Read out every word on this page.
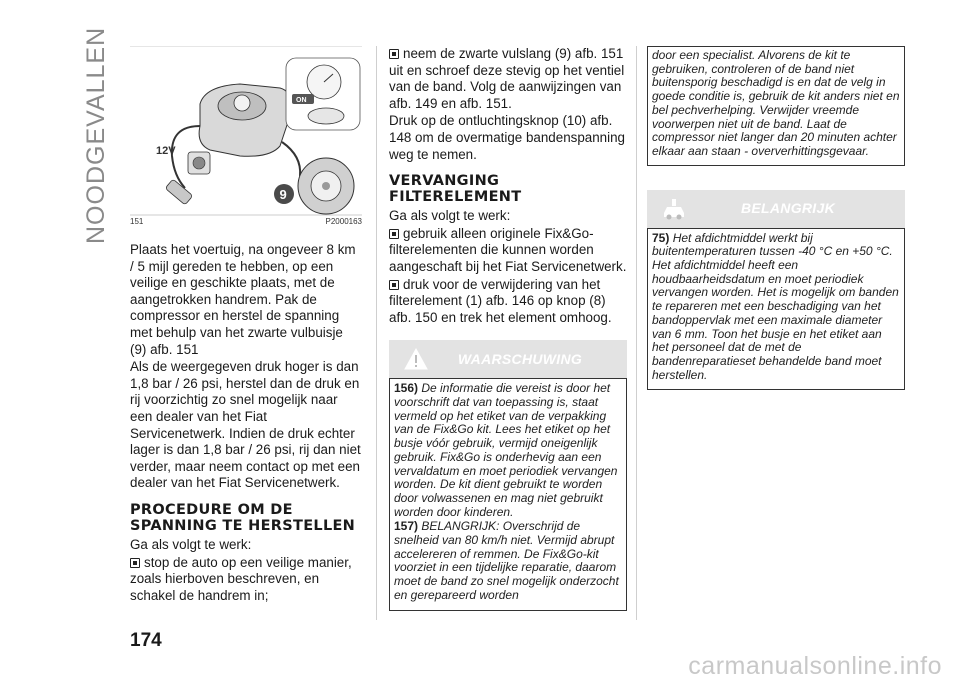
NOODGEVALLEN	ON
12V
9
151	P2000163

Plaats het voertuig, na ongeveer 8 km / 5 mijl gereden te hebben, op een veilige en geschikte plaats, met de aangetrokken handrem. Pak de compressor en herstel de spanning met behulp van het zwarte vulbuisje (9) afb. 151

Als de weergegeven druk hoger is dan 1,8 bar / 26 psi, herstel dan de druk en rij voorzichtig zo snel mogelijk naar een dealer van het Fiat Servicenetwerk. Indien de druk echter lager is dan 1,8 bar / 26 psi, rij dan niet verder, maar neem contact op met een dealer van het Fiat Servicenetwerk.

PROCEDURE OM DE SPANNING TE HERSTELLEN

Ga als volgt te werk:

stop de auto op een veilige manier, zoals hierboven beschreven, en schakel de handrem in;

neem de zwarte vulslang (9) afb. 151 uit en schroef deze stevig op het ventiel van de band. Volg de aanwijzingen van afb. 149 en afb. 151.

Druk op de ontluchtingsknop (10) afb. 148 om de overmatige bandenspanning weg te nemen.

VERVANGING FILTERELEMENT

Ga als volgt te werk:

gebruik alleen originele Fix&Go-filterelementen die kunnen worden aangeschaft bij het Fiat Servicenetwerk.

druk voor de verwijdering van het filterelement (1) afb. 146 op knop (8) afb. 150 en trek het element omhoog.

WAARSCHUWING

156) De informatie die vereist is door het voorschrift dat van toepassing is, staat vermeld op het etiket van de verpakking van de Fix&Go kit. Lees het etiket op het busje vóór gebruik, vermijd oneigenlijk gebruik. Fix&Go is onderhevig aan een vervaldatum en moet periodiek vervangen worden. De kit dient gebruikt te worden door volwassenen en mag niet gebruikt worden door kinderen.

157) BELANGRIJK: Overschrijd de snelheid van 80 km/h niet. Vermijd abrupt accelereren of remmen. De Fix&Go-kit voorziet in een tijdelijke reparatie, daarom moet de band zo snel mogelijk onderzocht en gerepareerd worden

door een specialist. Alvorens de kit te gebruiken, controleren of de band niet buitensporig beschadigd is en dat de velg in goede conditie is, gebruik de kit anders niet en bel pechverhelping. Verwijder vreemde voorwerpen niet uit de band. Laat de compressor niet langer dan 20 minuten achter elkaar aan staan - oververhittingsgevaar.

BELANGRIJK

75) Het afdichtmiddel werkt bij buitentemperaturen tussen -40 °C en +50 °C. Het afdichtmiddel heeft een houdbaarheidsdatum en moet periodiek vervangen worden. Het is mogelijk om banden te repareren met een beschadiging van het bandoppervlak met een maximale diameter van 6 mm. Toon het busje en het etiket aan het personeel dat de met de bandenreparatieset behandelde band moet herstellen.

174
carmanualsonline.info
